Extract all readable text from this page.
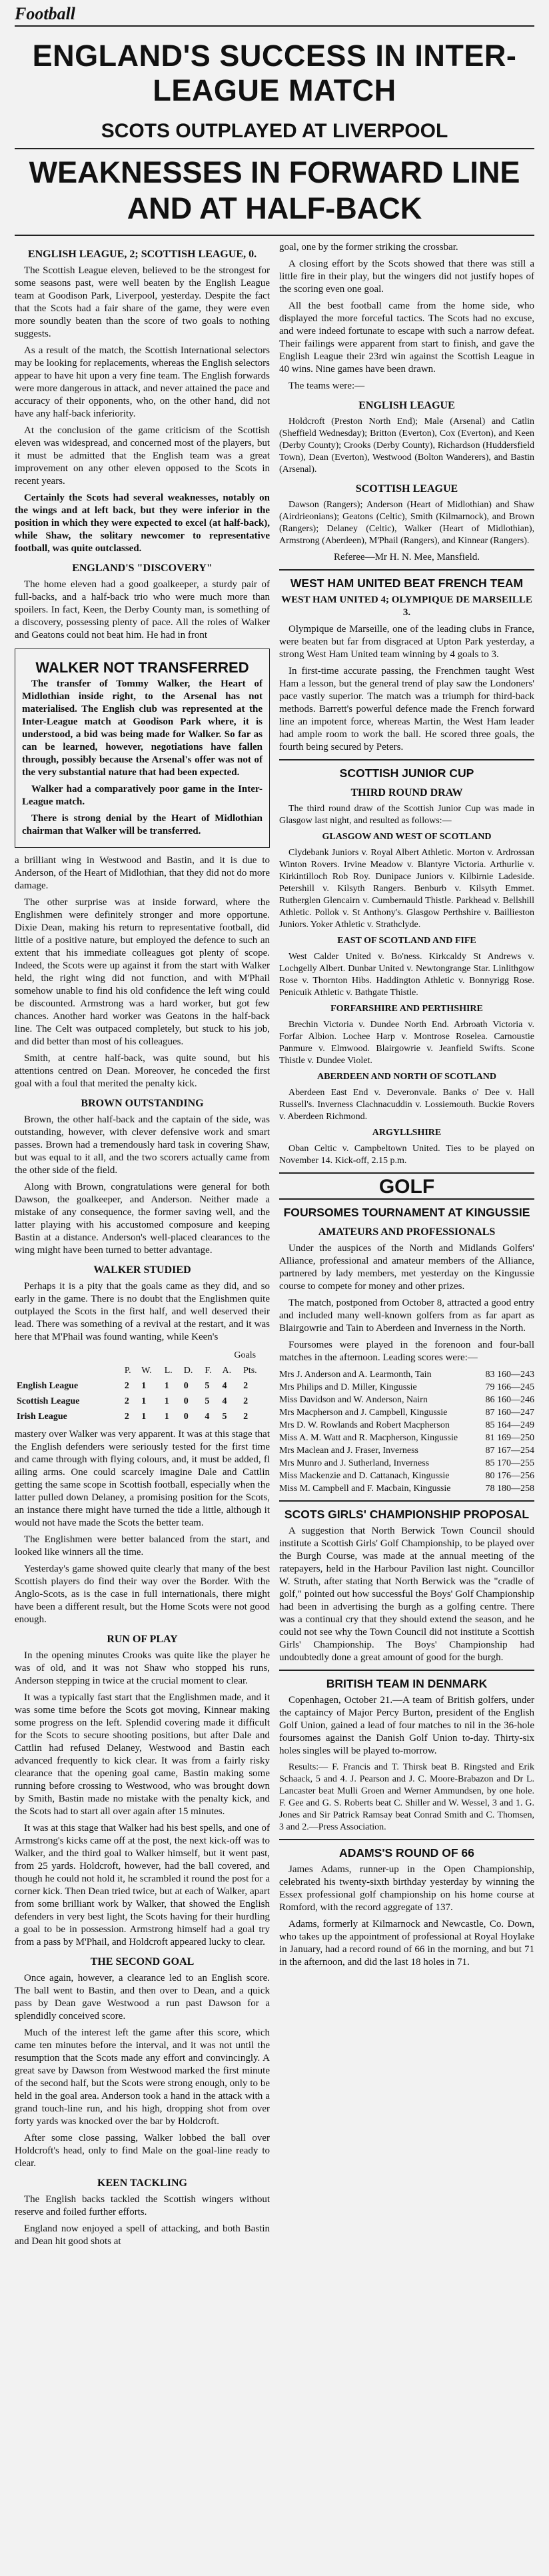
Football
ENGLAND'S SUCCESS IN INTER-LEAGUE MATCH
SCOTS OUTPLAYED AT LIVERPOOL
WEAKNESSES IN FORWARD LINE AND AT HALF-BACK
ENGLISH LEAGUE, 2; SCOTTISH LEAGUE, 0.

The Scottish League eleven, believed to be the strongest for some seasons past, were well beaten by the English League team at Goodison Park, Liverpool, yesterday. Despite the fact that the Scots had a fair share of the game, they were even more soundly beaten than the score of two goals to nothing suggests.

As a result of the match, the Scottish International selectors may be looking for replacements, whereas the English selectors appear to have hit upon a very fine team. The English forwards were more dangerous in attack, and never attained the pace and accuracy of their opponents, who, on the other hand, did not have any half-back inferiority.

At the conclusion of the game criticism of the Scottish eleven was widespread, and concerned most of the players, but it must be admitted that the English team was a great improvement on any other eleven opposed to the Scots in recent years.

Certainly the Scots had several weaknesses, notably on the wings and at left back, but they were inferior in the position in which they were expected to excel (at half-back), while Shaw, the solitary newcomer to representative football, was quite outclassed.

ENGLAND'S "DISCOVERY"

The home eleven had a good goalkeeper, a sturdy pair of full-backs, and a half-back trio who were much more than spoilers. In fact, Keen, the Derby County man, is something of a discovery, possessing plenty of pace. All the roles of Walker and Geatons could not beat him. He had in front

WALKER NOT TRANSFERRED

The transfer of Tommy Walker, the Heart of Midlothian inside right, to the Arsenal has not materialised. The English club was represented at the Inter-League match at Goodison Park where, it is understood, a bid was being made for Walker. So far as can be learned, however, negotiations have fallen through, possibly because the Arsenal's offer was not of the very substantial nature that had been expected.

Walker had a comparatively poor game in the Inter-League match.

There is strong denial by the Heart of Midlothian chairman that Walker will be transferred.

a brilliant wing in Westwood and Bastin, and it is due to Anderson, of the Heart of Midlothian, that they did not do more damage.

The other surprise was at inside forward, where the Englishmen were definitely stronger and more opportune. Dixie Dean, making his return to representative football, did little of a positive nature, but employed the defence to such an extent that his immediate colleagues got plenty of scope. Indeed, the Scots were up against it from the start with Walker held, the right wing did not function, and with M'Phail somehow unable to find his old confidence the left wing could be discounted. Armstrong was a hard worker, but got few chances. Another hard worker was Geatons in the half-back line. The Celt was outpaced completely, but stuck to his job, and did better than most of his colleagues.

Smith, at centre half-back, was quite sound, but his attentions centred on Dean. Moreover, he conceded the first goal with a foul that merited the penalty kick.

BROWN OUTSTANDING

Brown, the other half-back and the captain of the side, was outstanding, however, with clever defensive work and smart passes. Brown had a tremendously hard task in covering Shaw, but was equal to it all, and the two scorers actually came from the other side of the field.

Along with Brown, congratulations were general for both Dawson, the goalkeeper, and Anderson. Neither made a mistake of any consequence, the former saving well, and the latter playing with his accustomed composure and keeping Bastin at a distance. Anderson's well-placed clearances to the wing might have been turned to better advantage.

WALKER STUDIED

Perhaps it is a pity that the goals came as they did, and so early in the game. There is no doubt that the Englishmen quite outplayed the Scots in the first half, and well deserved their lead. There was something of a revival at the restart, and it was here that M'Phail was found wanting, while Keen's

						Goals	
	P.	W.	L.	D.	F.	A.	Pts.
English League	2	1	1	0	5	4	2
Scottish League	2	1	1	0	5	4	2
Irish League	2	1	1	0	4	5	2

mastery over Walker was very apparent. It was at this stage that the English defenders were seriously tested for the first time and came through with flying colours, and, it must be added, fl ailing arms. One could scarcely imagine Dale and Cattlin getting the same scope in Scottish football, especially when the latter pulled down Delaney, a promising position for the Scots, an instance there might have turned the tide a little, although it would not have made the Scots the better team.

The Englishmen were better balanced from the start, and looked like winners all the time.

Yesterday's game showed quite clearly that many of the best Scottish players do find their way over the Border. With the Anglo-Scots, as is the case in full internationals, there might have been a different result, but the Home Scots were not good enough.

RUN OF PLAY

In the opening minutes Crooks was quite like the player he was of old, and it was not Shaw who stopped his runs, Anderson stepping in twice at the crucial moment to clear.

It was a typically fast start that the Englishmen made, and it was some time before the Scots got moving, Kinnear making some progress on the left. Splendid covering made it difficult for the Scots to secure shooting positions, but after Dale and Cattlin had refused Delaney, Westwood and Bastin each advanced frequently to kick clear. It was from a fairly risky clearance that the opening goal came, Bastin making some running before crossing to Westwood, who was brought down by Smith, Bastin made no mistake with the penalty kick, and the Scots had to start all over again after 15 minutes.

It was at this stage that Walker had his best spells, and one of Armstrong's kicks came off at the post, the next kick-off was to Walker, and the third goal to Walker himself, but it went past, from 25 yards. Holdcroft, however, had the ball covered, and though he could not hold it, he scrambled it round the post for a corner kick. Then Dean tried twice, but at each of Walker, apart from some brilliant work by Walker, that showed the English defenders in very best light, the Scots having for their hurdling a goal to be in possession. Armstrong himself had a goal try from a pass by M'Phail, and Holdcroft appeared lucky to clear.

THE SECOND GOAL

Once again, however, a clearance led to an English score. The ball went to Bastin, and then over to Dean, and a quick pass by Dean gave Westwood a run past Dawson for a splendidly conceived score.

Much of the interest left the game after this score, which came ten minutes before the interval, and it was not until the resumption that the Scots made any effort and convincingly. A great save by Dawson from Westwood marked the first minute of the second half, but the Scots were strong enough, only to be held in the goal area. Anderson took a hand in the attack with a grand touch-line run, and his high, dropping shot from over forty yards was knocked over the bar by Holdcroft.

After some close passing, Walker lobbed the ball over Holdcroft's head, only to find Male on the goal-line ready to clear.

KEEN TACKLING

The English backs tackled the Scottish wingers without reserve and foiled further efforts.

England now enjoyed a spell of attacking, and both Bastin and Dean hit good shots at

goal, one by the former striking the crossbar.

A closing effort by the Scots showed that there was still a little fire in their play, but the wingers did not justify hopes of the scoring even one goal.

All the best football came from the home side, who displayed the more forceful tactics. The Scots had no excuse, and were indeed fortunate to escape with such a narrow defeat. Their failings were apparent from start to finish, and gave the English League their 23rd win against the Scottish League in 40 wins. Nine games have been drawn.

The teams were:—

ENGLISH LEAGUE

Holdcroft (Preston North End); Male (Arsenal) and Catlin (Sheffield Wednesday); Britton (Everton), Cox (Everton), and Keen (Derby County); Crooks (Derby County), Richardson (Huddersfield Town), Dean (Everton), Westwood (Bolton Wanderers), and Bastin (Arsenal).

SCOTTISH LEAGUE

Dawson (Rangers); Anderson (Heart of Midlothian) and Shaw (Airdrieonians); Geatons (Celtic), Smith (Kilmarnock), and Brown (Rangers); Delaney (Celtic), Walker (Heart of Midlothian), Armstrong (Aberdeen), M'Phail (Rangers), and Kinnear (Rangers).

Referee—Mr H. N. Mee, Mansfield.

WEST HAM UNITED BEAT FRENCH TEAM

WEST HAM UNITED 4; OLYMPIQUE DE MARSEILLE 3.

Olympique de Marseille, one of the leading clubs in France, were beaten but far from disgraced at Upton Park yesterday, a strong West Ham United team winning by 4 goals to 3.

In first-time accurate passing, the Frenchmen taught West Ham a lesson, but the general trend of play saw the Londoners' pace vastly superior. The match was a triumph for third-back methods. Barrett's powerful defence made the French forward line an impotent force, whereas Martin, the West Ham leader had ample room to work the ball. He scored three goals, the fourth being secured by Peters.

SCOTTISH JUNIOR CUP
THIRD ROUND DRAW

The third round draw of the Scottish Junior Cup was made in Glasgow last night, and resulted as follows:—

GLASGOW AND WEST OF SCOTLAND

Clydebank Juniors v. Royal Albert Athletic. Morton v. Ardrossan Winton Rovers. Irvine Meadow v. Blantyre Victoria. Arthurlie v. Kirkintilloch Rob Roy. Dunipace Juniors v. Kilbirnie Ladeside. Petershill v. Kilsyth Rangers. Benburb v. Kilsyth Emmet. Rutherglen Glencairn v. Cumbernauld Thistle. Parkhead v. Bellshill Athletic. Pollok v. St Anthony's. Glasgow Perthshire v. Baillieston Juniors. Yoker Athletic v. Strathclyde.

EAST OF SCOTLAND AND FIFE

West Calder United v. Bo'ness. Kirkcaldy St Andrews v. Lochgelly Albert. Dunbar United v. Newtongrange Star. Linlithgow Rose v. Thornton Hibs. Haddington Athletic v. Bonnyrigg Rose. Penicuik Athletic v. Bathgate Thistle.

FORFARSHIRE AND PERTHSHIRE

Brechin Victoria v. Dundee North End. Arbroath Victoria v. Forfar Albion. Lochee Harp v. Montrose Roselea. Carnoustie Panmure v. Elmwood. Blairgowrie v. Jeanfield Swifts. Scone Thistle v. Dundee Violet.

ABERDEEN AND NORTH OF SCOTLAND

Aberdeen East End v. Deveronvale. Banks o' Dee v. Hall Russell's. Inverness Clachnacuddin v. Lossiemouth. Buckie Rovers v. Aberdeen Richmond.

ARGYLLSHIRE

Oban Celtic v. Campbeltown United. Ties to be played on November 14. Kick-off, 2.15 p.m.

GOLF
FOURSOMES TOURNAMENT AT KINGUSSIE
AMATEURS AND PROFESSIONALS

Under the auspices of the North and Midlands Golfers' Alliance, professional and amateur members of the Alliance, partnered by lady members, met yesterday on the Kingussie course to compete for money and other prizes.

The match, postponed from October 8, attracted a good entry and included many well-known golfers from as far apart as Blairgowrie and Tain to Aberdeen and Inverness in the North.

Foursomes were played in the forenoon and four-ball matches in the afternoon. Leading scores were:—

Mrs J. Anderson and A. Learmonth, Tain	83 160—243
Mrs Philips and D. Miller, Kingussie	79 166—245
Miss Davidson and W. Anderson, Nairn	86 160—246
Mrs Macpherson and J. Campbell, Kingussie	87 160—247
Mrs D. W. Rowlands and Robert Macpherson	85 164—249
Miss A. M. Watt and R. Macpherson, Kingussie	81 169—250
Mrs Maclean and J. Fraser, Inverness	87 167—254
Mrs Munro and J. Sutherland, Inverness	85 170—255
Miss Mackenzie and D. Cattanach, Kingussie	80 176—256
Miss M. Campbell and F. Macbain, Kingussie	78 180—258
SCOTS GIRLS' CHAMPIONSHIP PROPOSAL

A suggestion that North Berwick Town Council should institute a Scottish Girls' Golf Championship, to be played over the Burgh Course, was made at the annual meeting of the ratepayers, held in the Harbour Pavilion last night. Councillor W. Struth, after stating that North Berwick was the "cradle of golf," pointed out how successful the Boys' Golf Championship had been in advertising the burgh as a golfing centre. There was a continual cry that they should extend the season, and he could not see why the Town Council did not institute a Scottish Girls' Championship. The Boys' Championship had undoubtedly done a great amount of good for the burgh.

BRITISH TEAM IN DENMARK

Copenhagen, October 21.—A team of British golfers, under the captaincy of Major Percy Burton, president of the English Golf Union, gained a lead of four matches to nil in the 36-hole foursomes against the Danish Golf Union to-day. Thirty-six holes singles will be played to-morrow.

Results:— F. Francis and T. Thirsk beat B. Ringsted and Erik Schaack, 5 and 4. J. Pearson and J. C. Moore-Brabazon and Dr L. Lancaster beat Mulli Groen and Werner Ammundsen, by one hole. F. Gee and G. S. Roberts beat C. Shiller and W. Wessel, 3 and 1. G. Jones and Sir Patrick Ramsay beat Conrad Smith and C. Thomsen, 3 and 2.—Press Association.

ADAMS'S ROUND OF 66

James Adams, runner-up in the Open Championship, celebrated his twenty-sixth birthday yesterday by winning the Essex professional golf championship on his home course at Romford, with the record aggregate of 137.

Adams, formerly at Kilmarnock and Newcastle, Co. Down, who takes up the appointment of professional at Royal Hoylake in January, had a record round of 66 in the morning, and but 71 in the afternoon, and did the last 18 holes in 71.
